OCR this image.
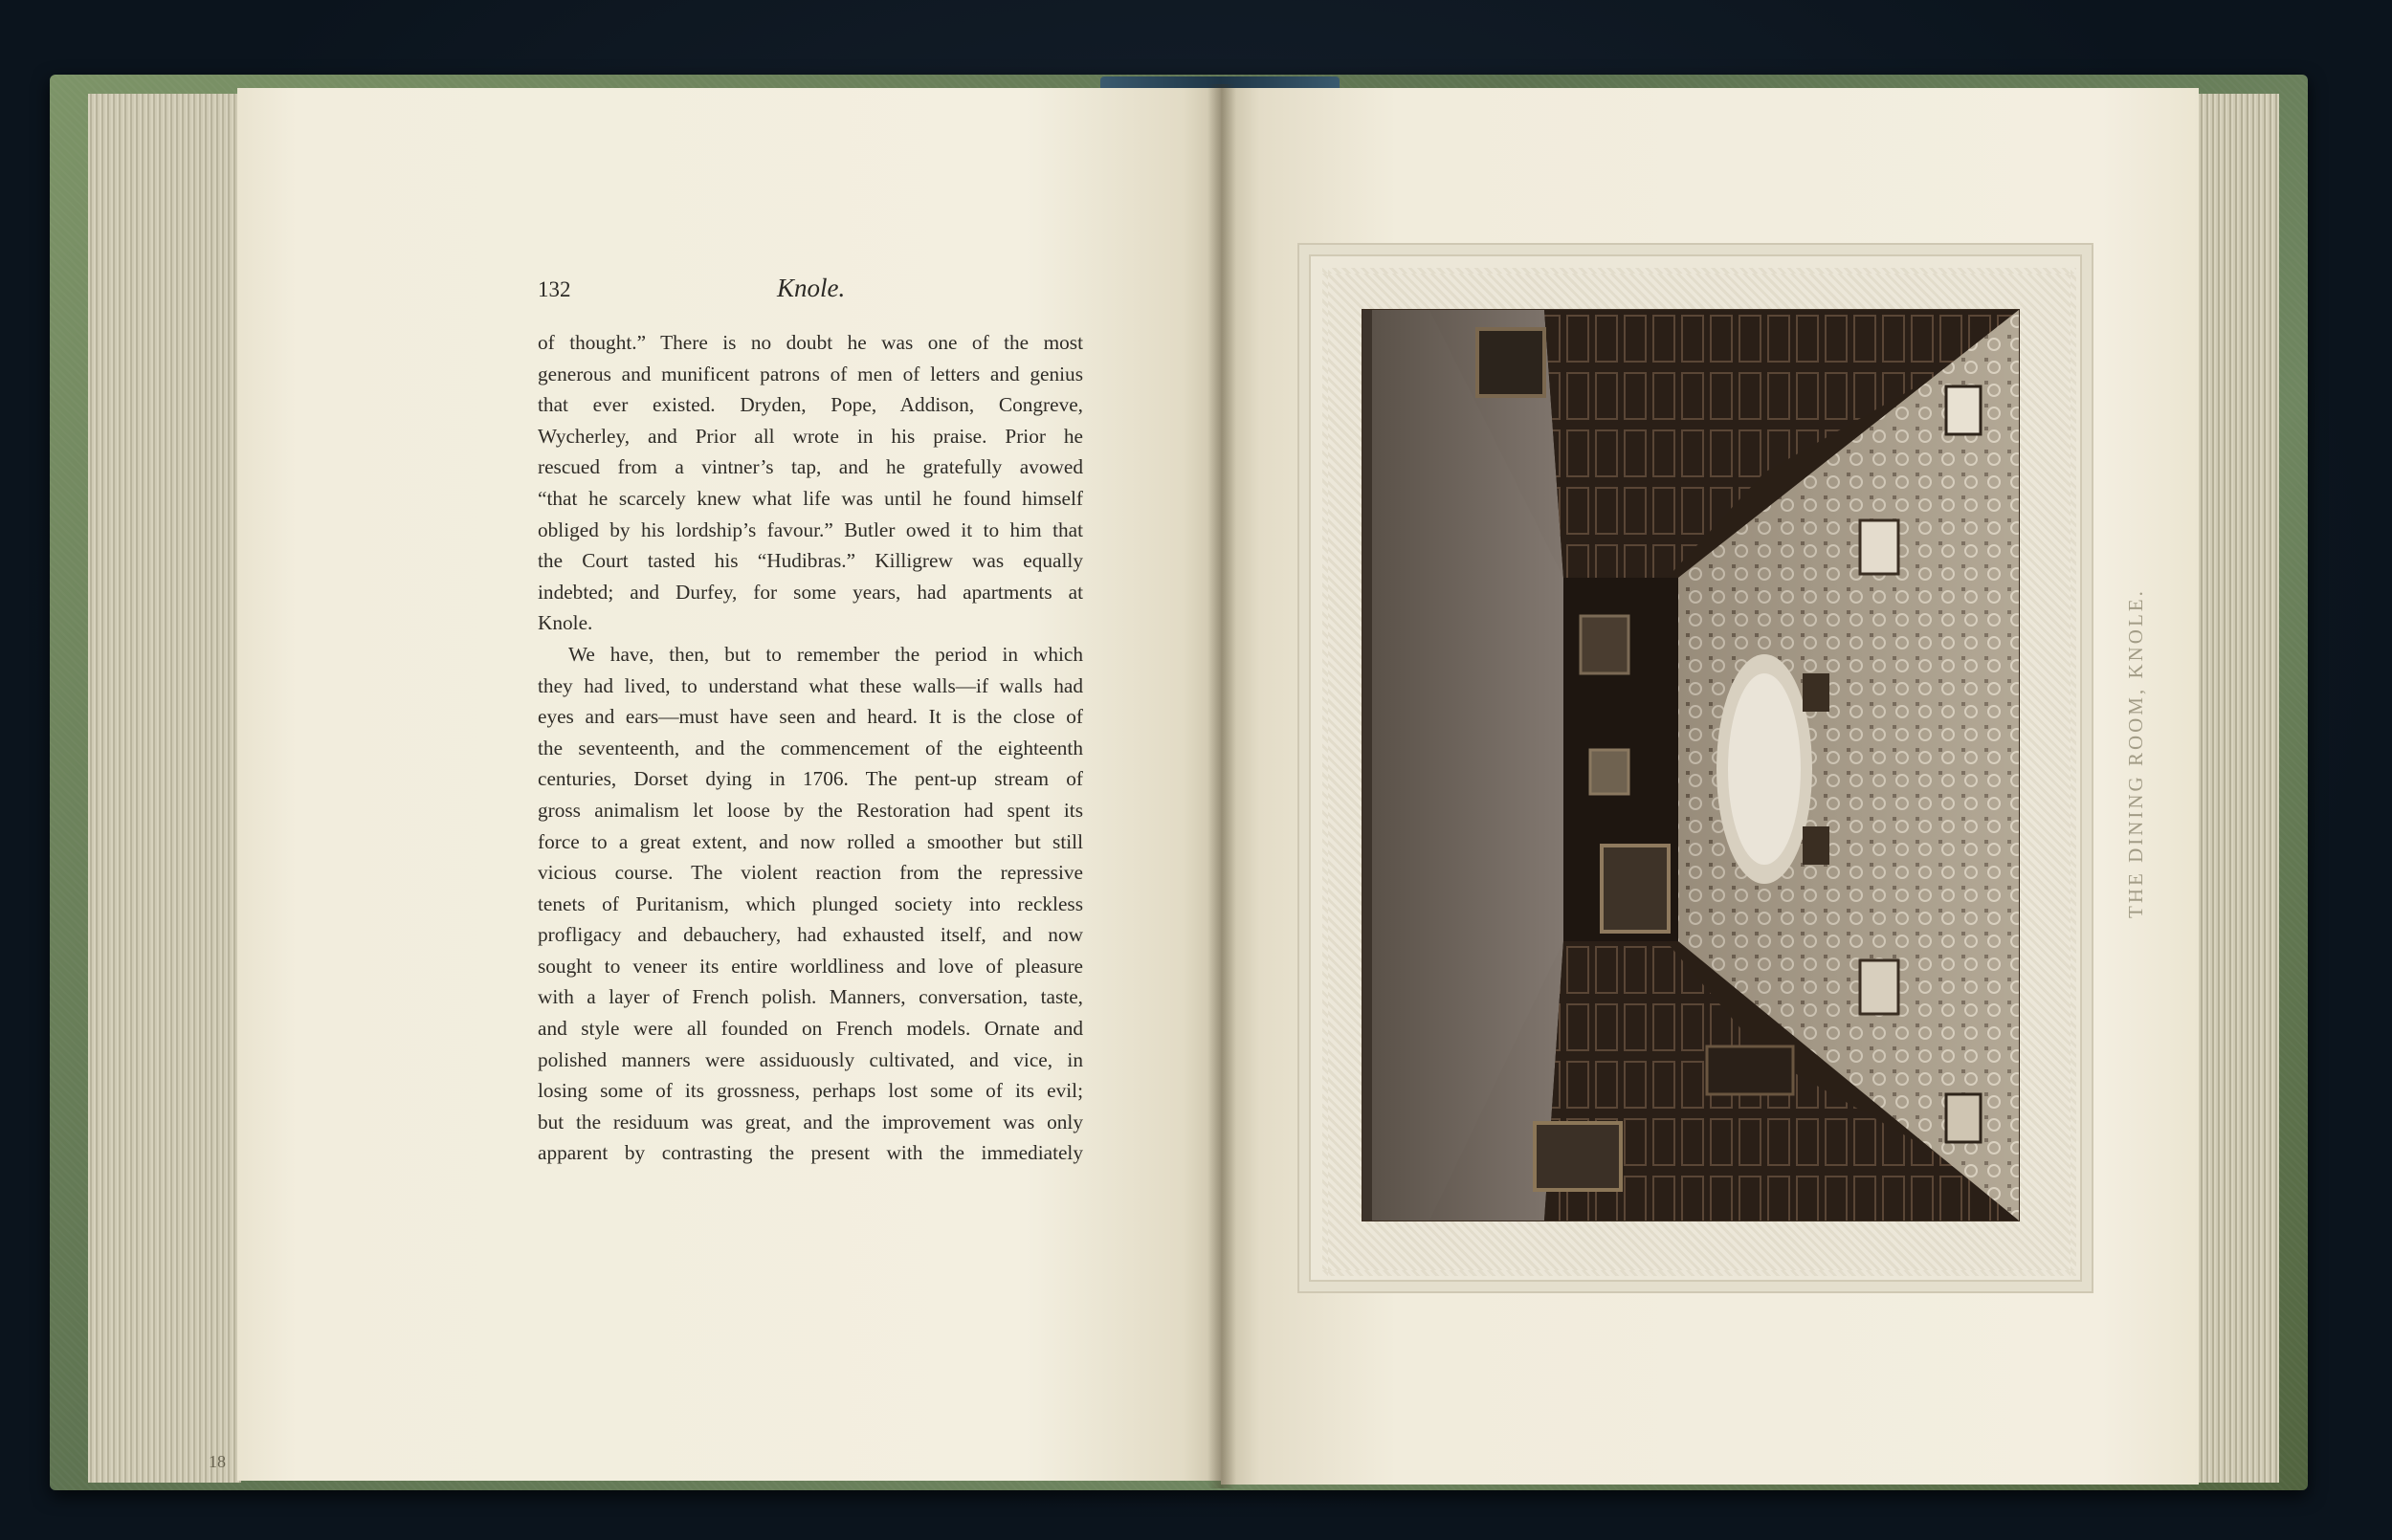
18
132	Knole.
of thought.” There is no doubt he was one of the most
generous and munificent patrons of men of letters and genius
that ever existed. Dryden, Pope, Addison, Congreve,
Wycherley, and Prior all wrote in his praise. Prior he
rescued from a vintner’s tap, and he gratefully avowed
“that he scarcely knew what life was until he found himself
obliged by his lordship’s favour.” Butler owed it to him that
the Court tasted his “Hudibras.” Killigrew was equally
indebted; and Durfey, for some years, had apartments at
Knole.
We have, then, but to remember the period in which
they had lived, to understand what these walls—if walls had
eyes and ears—must have seen and heard. It is the close of
the seventeenth, and the commencement of the eighteenth
centuries, Dorset dying in 1706. The pent-up stream of
gross animalism let loose by the Restoration had spent its
force to a great extent, and now rolled a smoother but still
vicious course. The violent reaction from the repressive
tenets of Puritanism, which plunged society into reckless
profligacy and debauchery, had exhausted itself, and now
sought to veneer its entire worldliness and love of pleasure
with a layer of French polish. Manners, conversation, taste,
and style were all founded on French models. Ornate and
polished manners were assiduously cultivated, and vice, in
losing some of its grossness, perhaps lost some of its evil;
but the residuum was great, and the improvement was only
apparent by contrasting the present with the immediately
THE DINING ROOM, KNOLE.
